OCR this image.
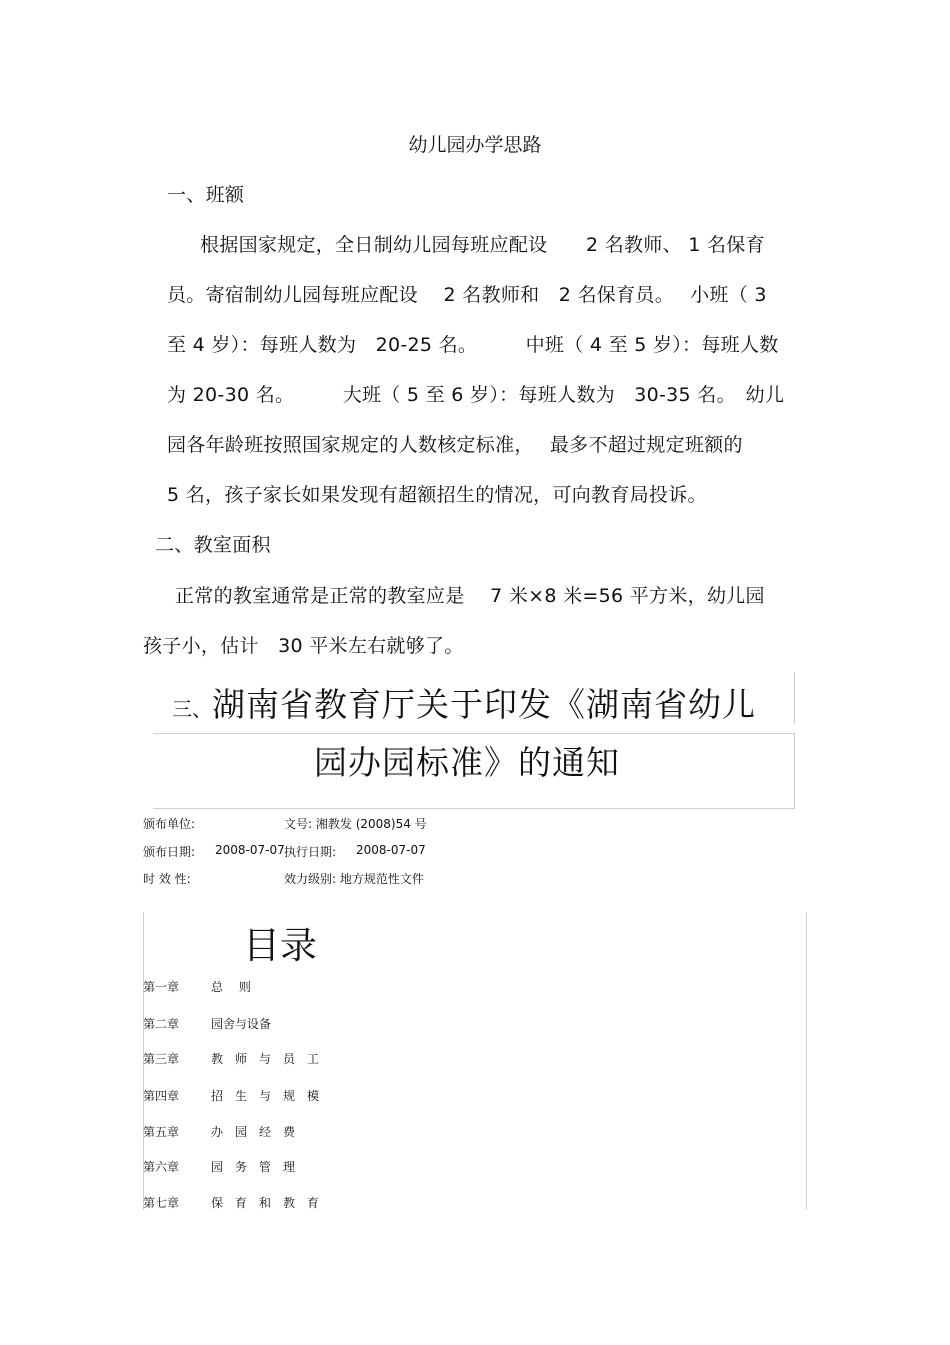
幼儿园办学思路
一、班额
根据国家规定，全日制幼儿园每班应配设　　2 名教师、 1 名保育
员。寄宿制幼儿园每班应配设　 2 名教师和　2 名保育员。　 小班（ 3
至 4 岁）：每班人数为　20-25 名。　　　中班（ 4 至 5 岁）：每班人数
为 20-30 名。　　　大班（ 5 至 6 岁）：每班人数为　30-35 名。　幼儿
园各年龄班按照国家规定的人数核定标准，　 最多不超过规定班额的
5 名，孩子家长如果发现有超额招生的情况，可向教育局投诉。
二、教室面积
正常的教室通常是正常的教室应是　 7 米×8 米=56 平方米，幼儿园
孩子小，估计　30 平米左右就够了。
三、湖南省教育厅关于印发《湖南省幼儿
园办园标准》的通知
颁布单位:	文号: 湘教发 (2008)54 号
颁布日期: 2008-07-07 执行日期: 2008-07-07
时 效 性:	效力级别: 地方规范性文件
目录
第一章	总　 则
第二章	园舍与设备
第三章	教　师　与　员　工
第四章	招　生　与　规　模
第五章	办　园　经　费
第六章	园　务　管　理
第七章	保　育　和　教　育
